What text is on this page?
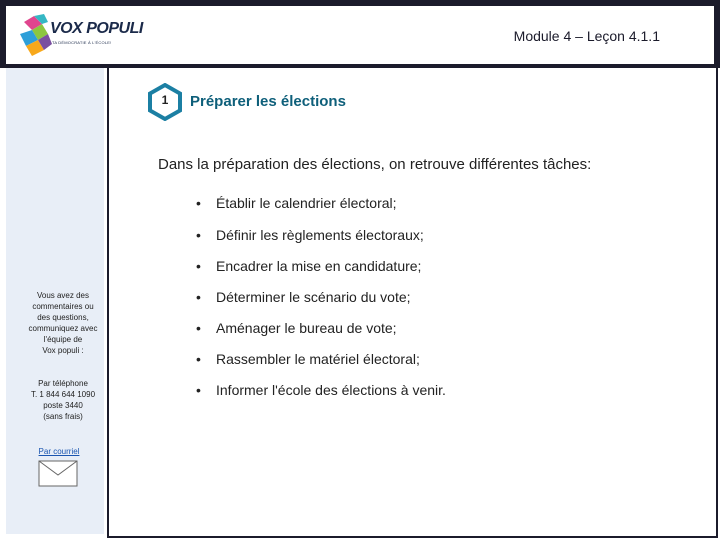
VOX POPULI
TA DÉMOCRATIE À L'ÉCOLE!	Module 4 – Leçon 4.1.1
Vous avez des
commentaires ou
des questions,
communiquez avec
l'équipe de
Vox populi :
Par téléphone
T. 1 844 644 1090
poste 3440
(sans frais)
Par courriel
1	Préparer les élections
Dans la préparation des élections, on retrouve différentes tâches:
• Établir le calendrier électoral;
• Définir les règlements électoraux;
• Encadrer la mise en candidature;
• Déterminer le scénario du vote;
• Aménager le bureau de vote;
• Rassembler le matériel électoral;
• Informer l'école des élections à venir.
